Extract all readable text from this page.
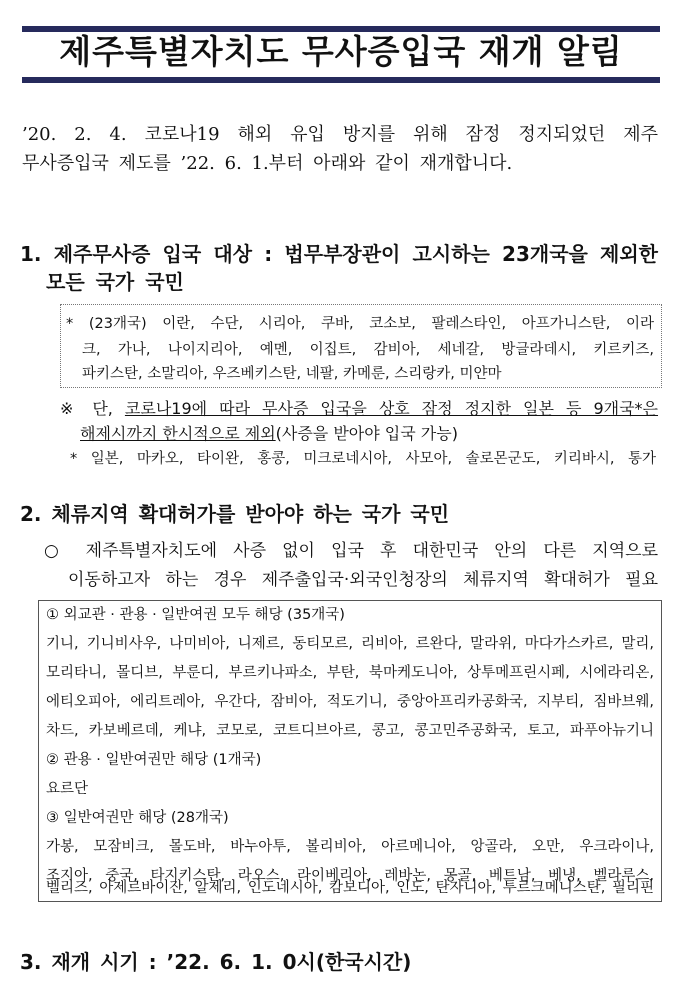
제주특별자치도 무사증입국 재개 알림
’20. 2. 4. 코로나19 해외 유입 방지를 위해 잠정 정지되었던 제주
무사증입국 제도를 ’22. 6. 1.부터 아래와 같이 재개합니다.
1. 제주무사증 입국 대상 : 법무부장관이 고시하는 23개국을 제외한
모든 국가 국민
* (23개국) 이란, 수단, 시리아, 쿠바, 코소보, 팔레스타인, 아프가니스탄, 이라
크, 가나, 나이지리아, 예멘, 이집트, 감비아, 세네갈, 방글라데시, 키르키즈,
파키스탄, 소말리아, 우즈베키스탄, 네팔, 카메룬, 스리랑카, 미얀마
※ 단, 코로나19에 따라 무사증 입국을 상호 잠정 정지한 일본 등 9개국*은
해제시까지 한시적으로 제외(사증을 받아야 입국 가능)
* 일본, 마카오, 타이완, 홍콩, 미크로네시아, 사모아, 솔로몬군도, 키리바시, 통가
2. 체류지역 확대허가를 받아야 하는 국가 국민
○ 제주특별자치도에 사증 없이 입국 후 대한민국 안의 다른 지역으로
이동하고자 하는 경우 제주출입국·외국인청장의 체류지역 확대허가 필요
① 외교관 · 관용 · 일반여권 모두 해당 (35개국)
기니, 기니비사우, 나미비아, 니제르, 동티모르, 리비아, 르완다, 말라위, 마다가스카르, 말리,
모리타니, 몰디브, 부룬디, 부르키나파소, 부탄, 북마케도니아, 상투메프린시페, 시에라리온,
에티오피아, 에리트레아, 우간다, 잠비아, 적도기니, 중앙아프리카공화국, 지부티, 짐바브웨,
차드, 카보베르데, 케냐, 코모로, 코트디브아르, 콩고, 콩고민주공화국, 토고, 파푸아뉴기니
② 관용 · 일반여권만 해당 (1개국)
요르단
③ 일반여권만 해당 (28개국)
가봉, 모잠비크, 몰도바, 바누아투, 볼리비아, 아르메니아, 앙골라, 오만, 우크라이나,
조지아, 중국, 타지키스탄, 라오스, 라이베리아, 레바논, 몽골, 베트남, 베냉, 벨라루스,
벨리즈, 아제르바이잔, 알제리, 인도네시아, 캄보디아, 인도, 탄자니아, 투르크메니스탄, 필리핀
3. 재개 시기 : ’22. 6. 1. 0시(한국시간)
